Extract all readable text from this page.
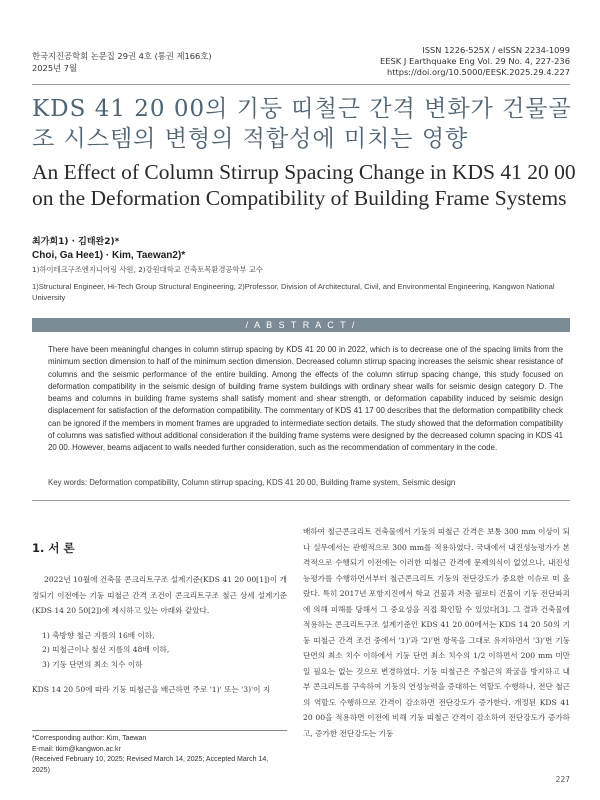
한국지진공학회 논문집 29권 4호 (통권 제166호)
2025년 7월
ISSN 1226-525X / eISSN 2234-1099
EESK J Earthquake Eng Vol. 29 No. 4, 227-236
https://doi.org/10.5000/EESK.2025.29.4.227
KDS 41 20 00의 기둥 띠철근 간격 변화가 건물골조 시스템의 변형의 적합성에 미치는 영향
An Effect of Column Stirrup Spacing Change in KDS 41 20 00 on the Deformation Compatibility of Building Frame Systems
최가희1) · 김태완2)*
Choi, Ga Hee1) · Kim, Taewan2)*
1)하이테크구조엔지니어링 사원, 2)강원대학교 건축토목환경공학부 교수
1)Structural Engineer, Hi-Tech Group Structural Engineering, 2)Professor, Division of Architectural, Civil, and Environmental Engineering, Kangwon National University
/ A B S T R A C T /
There have been meaningful changes in column stirrup spacing by KDS 41 20 00 in 2022, which is to decrease one of the spacing limits from the minimum section dimension to half of the minimum section dimension. Decreased column stirrup spacing increases the seismic shear resistance of columns and the seismic performance of the entire building. Among the effects of the column stirrup spacing change, this study focused on deformation compatibility in the seismic design of building frame system buildings with ordinary shear walls for seismic design category D. The beams and columns in building frame systems shall satisfy moment and shear strength, or deformation capability induced by seismic design displacement for satisfaction of the deformation compatibility. The commentary of KDS 41 17 00 describes that the deformation compatibility check can be ignored if the members in moment frames are upgraded to intermediate section details. The study showed that the deformation compatibility of columns was satisfied without additional consideration if the building frame systems were designed by the decreased column spacing in KDS 41 20 00. However, beams adjacent to walls needed further consideration, such as the recommendation of commentary in the code.
Key words: Deformation compatibility, Column stirrup spacing, KDS 41 20 00, Building frame system, Seismic design
1. 서 론

2022년 10월에 건축물 콘크리트구조 설계기준(KDS 41 20 00[1])이 개정되기 이전에는 기둥 띠철근 간격 조건이 콘크리트구조 철근 상세 설계기준(KDS 14 20 50[2])에 제시하고 있는 아래와 같았다.

1) 축방향 철근 지름의 16배 이하,
2) 띠철근이나 철선 지름의 48배 이하,
3) 기둥 단면의 최소 치수 이하

KDS 14 20 50에 따라 기둥 띠철근을 배근하면 주로 '1)' 또는 '3)'이 지

배하여 철근콘크리트 건축물에서 기둥의 띠철근 간격은 보통 300 mm 이상이 되나 실무에서는 관행적으로 300 mm를 적용하였다. 국내에서 내진성능평가가 본격적으로 수행되기 이전에는 이러한 띠철근 간격에 문제의식이 없었으나, 내진성능평가를 수행하면서부터 철근콘크리트 기둥의 전단강도가 중요한 이슈로 떠 올랐다. 특히 2017년 포항지진에서 학교 건물과 저층 필로티 건물이 기둥 전단파괴에 의해 피해를 당해서 그 중요성을 직접 확인할 수 있었다[3]. 그 결과 건축물에 적용하는 콘크리트구조 설계기준인 KDS 41 20 00에서는 KDS 14 20 50의 기둥 띠철근 간격 조건 중에서 '1)'과 '2)'번 항목을 그대로 유지하면서 '3)'번 기둥 단면의 최소 치수 이하에서 기둥 단면 최소 치수의 1/2 이하면서 200 mm 미만일 필요는 없는 것으로 변경하였다. 기둥 띠철근은 주철근의 좌굴을 방지하고 내부 콘크리트를 구속하여 기둥의 연성능력을 증대하는 역할도 수행하나, 전단 철근의 역할도 수행하므로 간격이 감소하면 전단강도가 증가한다. 개정된 KDS 41 20 00을 적용하면 이전에 비해 기둥 띠철근 간격이 감소하여 전단강도가 증가하고, 증가한 전단강도는 기둥

*Corresponding author: Kim, Taewan
E-mail: tkim@kangwon.ac.kr
(Received February 10, 2025; Revised March 14, 2025; Accepted March 14, 2025)
227
